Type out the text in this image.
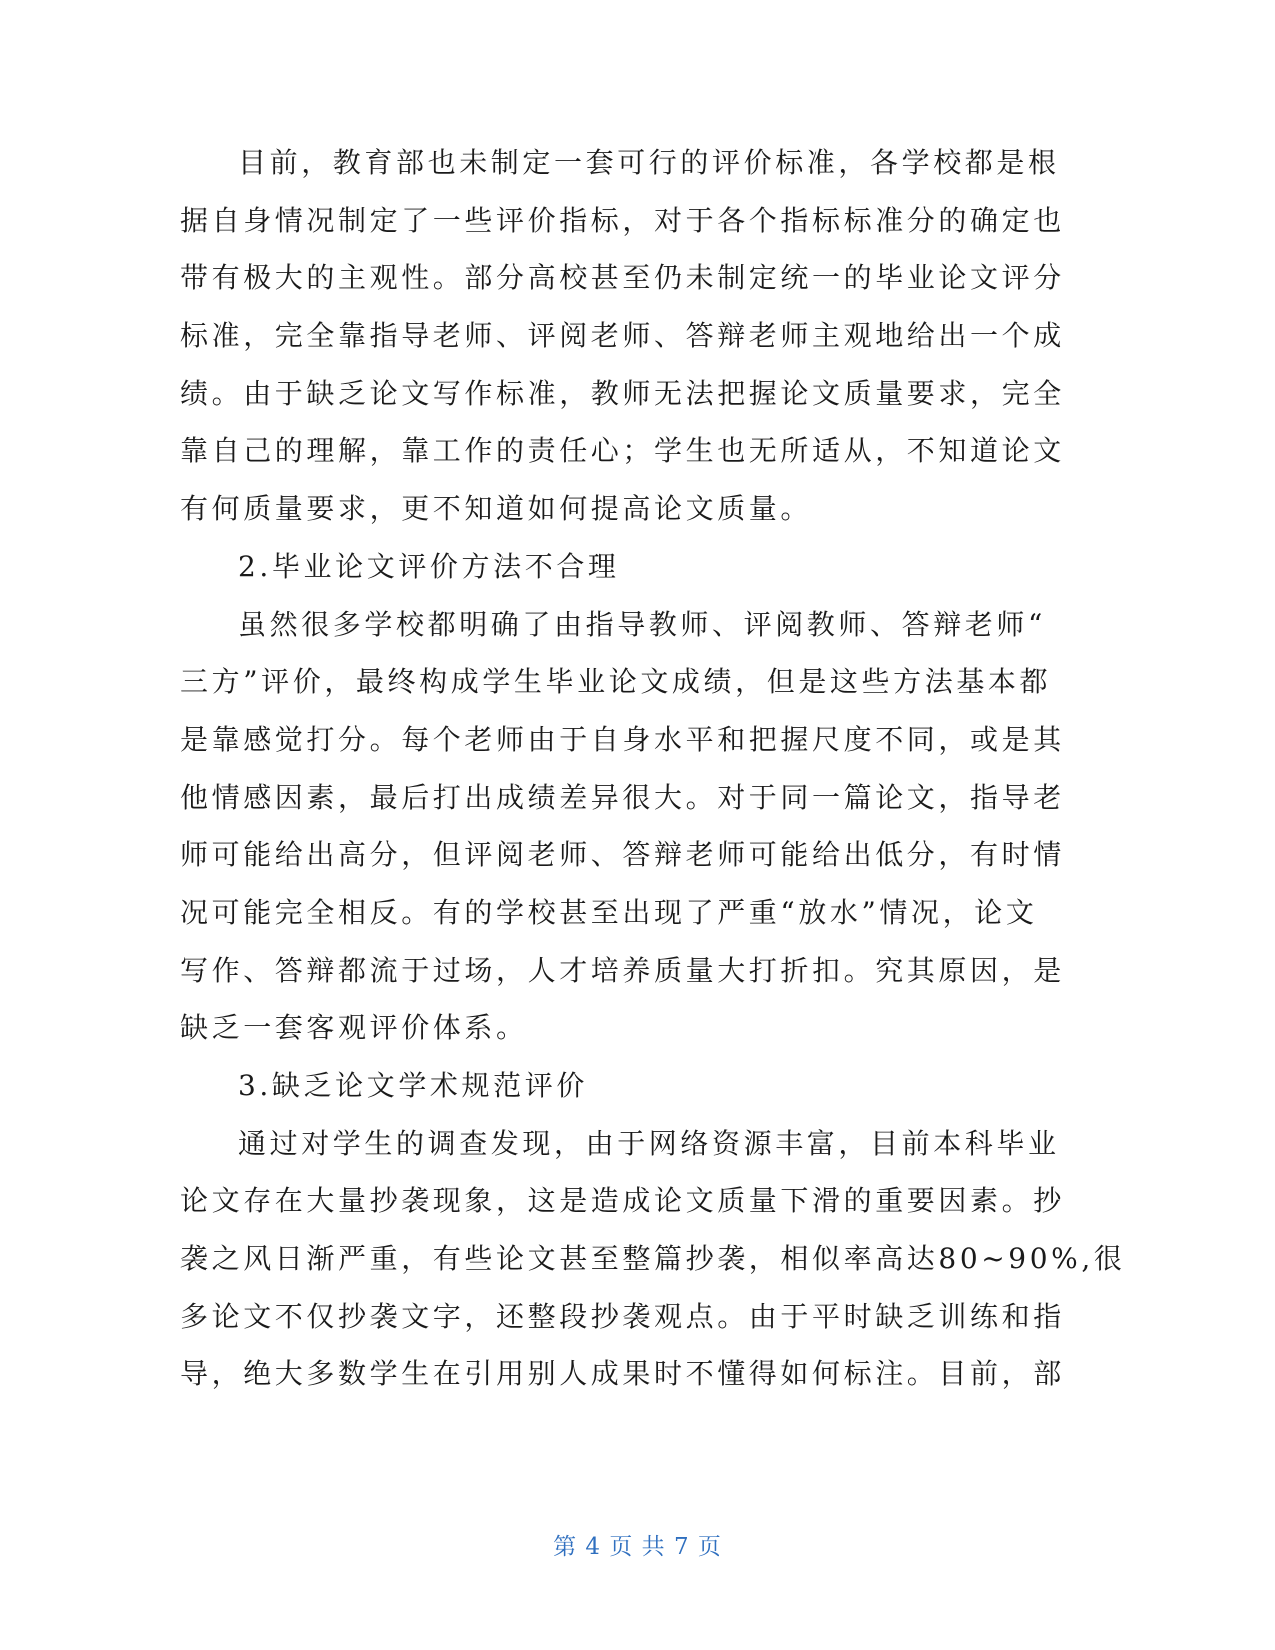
目前，教育部也未制定一套可行的评价标准，各学校都是根
据自身情况制定了一些评价指标，对于各个指标标准分的确定也
带有极大的主观性。部分高校甚至仍未制定统一的毕业论文评分
标准，完全靠指导老师、评阅老师、答辩老师主观地给出一个成
绩。由于缺乏论文写作标准，教师无法把握论文质量要求，完全
靠自己的理解，靠工作的责任心；学生也无所适从，不知道论文
有何质量要求，更不知道如何提高论文质量。
2.毕业论文评价方法不合理
虽然很多学校都明确了由指导教师、评阅教师、答辩老师“
三方”评价，最终构成学生毕业论文成绩，但是这些方法基本都
是靠感觉打分。每个老师由于自身水平和把握尺度不同，或是其
他情感因素，最后打出成绩差异很大。对于同一篇论文，指导老
师可能给出高分，但评阅老师、答辩老师可能给出低分，有时情
况可能完全相反。有的学校甚至出现了严重“放水”情况，论文
写作、答辩都流于过场，人才培养质量大打折扣。究其原因，是
缺乏一套客观评价体系。
3.缺乏论文学术规范评价
通过对学生的调查发现，由于网络资源丰富，目前本科毕业
论文存在大量抄袭现象，这是造成论文质量下滑的重要因素。抄
袭之风日渐严重，有些论文甚至整篇抄袭，相似率高达80~90%,很
多论文不仅抄袭文字，还整段抄袭观点。由于平时缺乏训练和指
导，绝大多数学生在引用别人成果时不懂得如何标注。目前，部
第 4 页 共 7 页
